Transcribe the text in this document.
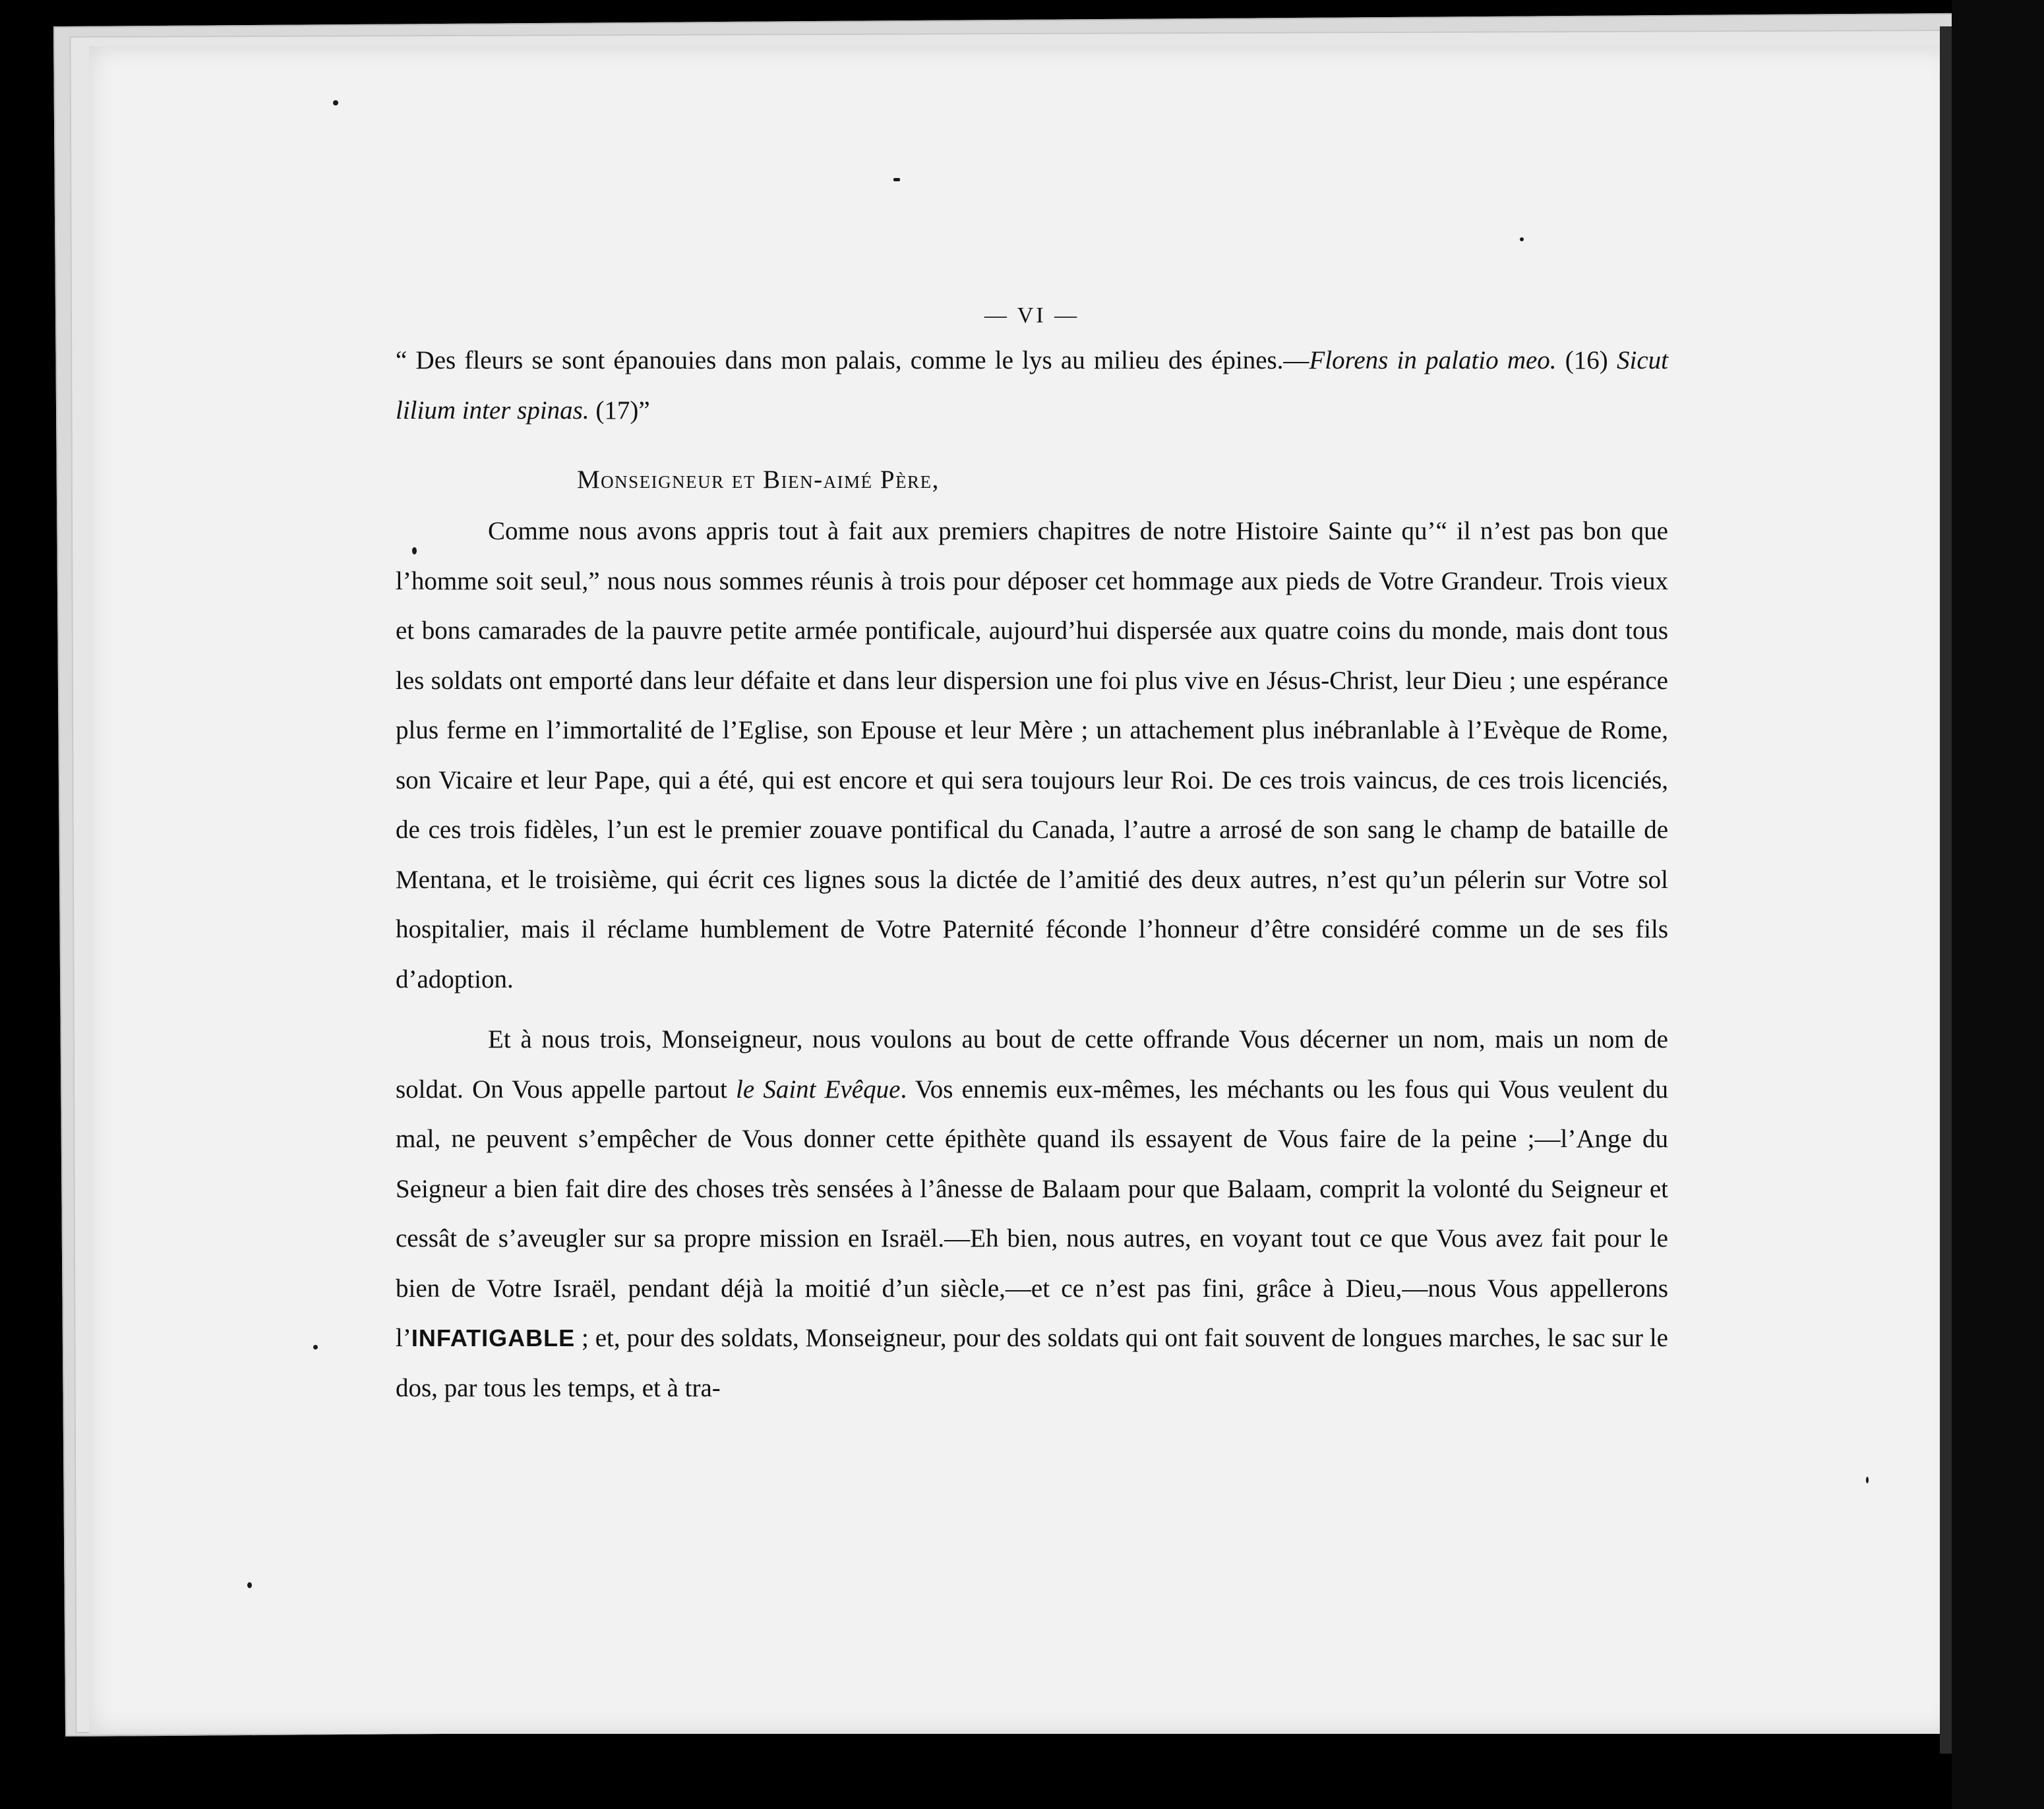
— VI —

“ Des fleurs se sont épanouies dans mon palais, comme le lys au milieu des épines.—Florens in palatio meo. (16) Sicut lilium inter spinas. (17)”

Monseigneur et Bien-aimé Père,

Comme nous avons appris tout à fait aux premiers chapitres de notre Histoire Sainte qu’“ il n’est pas bon que l’homme soit seul,” nous nous sommes réunis à trois pour déposer cet hommage aux pieds de Votre Grandeur. Trois vieux et bons camarades de la pauvre petite armée pontificale, aujourd’hui dispersée aux quatre coins du monde, mais dont tous les soldats ont emporté dans leur défaite et dans leur dispersion une foi plus vive en Jésus-Christ, leur Dieu ; une espérance plus ferme en l’immortalité de l’Eglise, son Epouse et leur Mère ; un attachement plus inébranlable à l’Evèque de Rome, son Vicaire et leur Pape, qui a été, qui est encore et qui sera toujours leur Roi. De ces trois vaincus, de ces trois licenciés, de ces trois fidèles, l’un est le premier zouave pontifical du Canada, l’autre a arrosé de son sang le champ de bataille de Mentana, et le troisième, qui écrit ces lignes sous la dictée de l’amitié des deux autres, n’est qu’un pélerin sur Votre sol hospitalier, mais il réclame humblement de Votre Paternité féconde l’honneur d’être considéré comme un de ses fils d’adoption.

Et à nous trois, Monseigneur, nous voulons au bout de cette offrande Vous décerner un nom, mais un nom de soldat. On Vous appelle partout le Saint Evêque. Vos ennemis eux-mêmes, les méchants ou les fous qui Vous veulent du mal, ne peuvent s’empêcher de Vous donner cette épithète quand ils essayent de Vous faire de la peine ;—l’Ange du Seigneur a bien fait dire des choses très sensées à l’ânesse de Balaam pour que Balaam, comprit la volonté du Seigneur et cessât de s’aveugler sur sa propre mission en Israël.—Eh bien, nous autres, en voyant tout ce que Vous avez fait pour le bien de Votre Israël, pendant déjà la moitié d’un siècle,—et ce n’est pas fini, grâce à Dieu,—nous Vous appellerons l’INFATIGABLE ; et, pour des soldats, Monseigneur, pour des soldats qui ont fait souvent de longues marches, le sac sur le dos, par tous les temps, et à tra-
